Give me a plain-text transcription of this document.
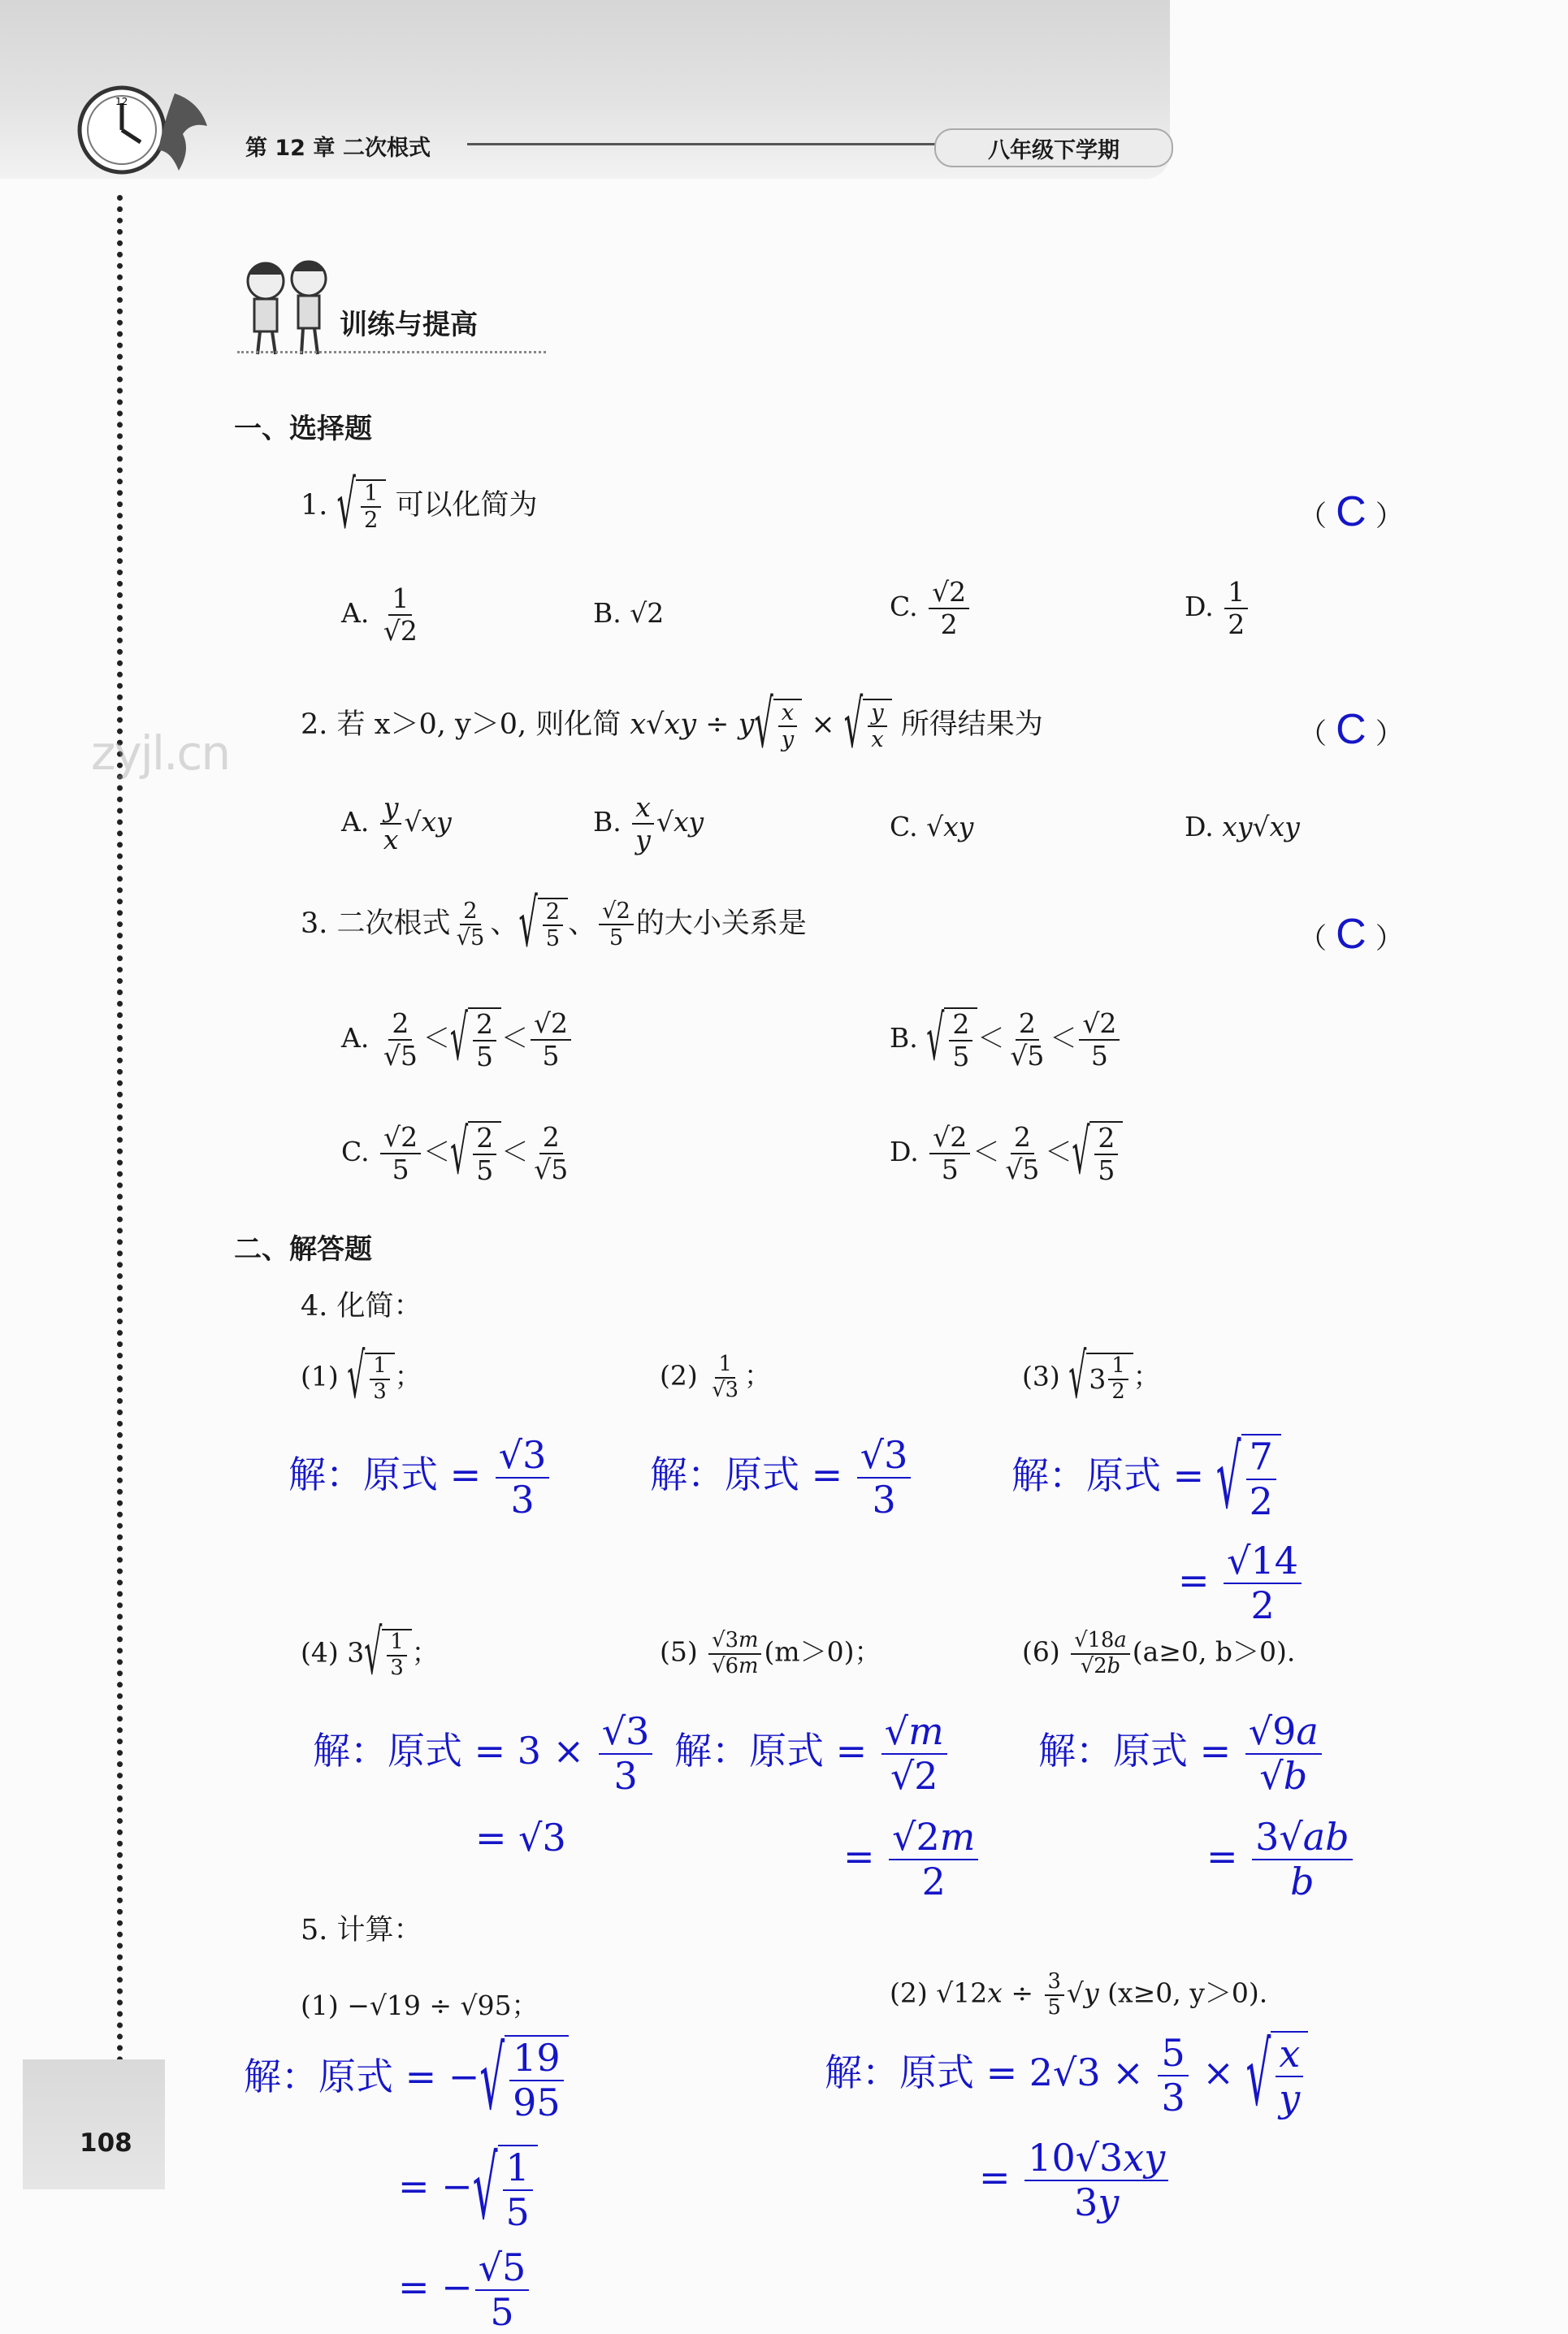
12
第 12 章 二次根式	八年级下学期
108
训练与提高
zyjl.cn
一、选择题
1. √ $\frac{1}{2}$ 可以化简为	（ C ）
A. $\frac{1}{√2}$	B. √2	C. $\frac{√2}{2}$	D. $\frac{1}{2}$
2. 若 x＞0, y＞0, 则化简 x√xy ÷ y √ $\frac{x}{y}$ × √ $\frac{y}{x}$ 所得结果为	（ C ）
A. $\frac{y}{x} √xy$	B. $\frac{x}{y} √xy$	C. √xy	D. xy√xy
3. 二次根式 $\frac{2}{√5}$ 、 √ $\frac{2}{5}$ 、 $\frac{√2}{5}$ 的大小关系是	（ C ）
A. $\frac{2}{√5}$ ＜ √ $\frac{2}{5} < \frac{√2}{5}$	B. √ $\frac{2}{5} < \frac{2}{√5} < \frac{√2}{5}$
C. $\frac{√2}{5}$ ＜ √ $\frac{2}{5} < \frac{2}{√5}$	D. $\frac{√2}{5} < \frac{2}{√5}$ ＜ √ $\frac{2}{5}$
二、解答题
4. 化简：
(1) √ $\frac{1}{3}$ ；	$(2) \frac{1}{√3}$ ；	(3) √ $3 \frac{1}{2}$ ；
解：原式 = $\frac{√3}{3}$	解：原式 = $\frac{√3}{3}$	解：原式 = √ $\frac{7}{2}$
= $\frac{√14}{2}$
(4) 3 √ $\frac{1}{3}$ ；	$(5) \frac{√3m}{√6m} (m>0)$；	$(6) \frac{√18a}{√2b} (a\ge 0$, b＞0).
解：原式 = $3 \times \frac{√3}{3}$
= √3
解：原式 = $\frac{√m}{√2}$
= $\frac{√2m}{2}$
解：原式 = $\frac{√9a}{√b}$
= $\frac{3√ab}{b}$
5. 计算：
(1) −√19 ÷ √95；	(2) $√12x \div \frac{3}{5} √y$ (x≥0, y＞0).
解：原式 = − √ $\frac{19}{95}$
= − √ $\frac{1}{5}$
= − $\frac{√5}{5}$
解：原式 = $2√3 \times \frac{5}{3}$ × √ $\frac{x}{y}$
= $\frac{10√3xy}{3y}$
